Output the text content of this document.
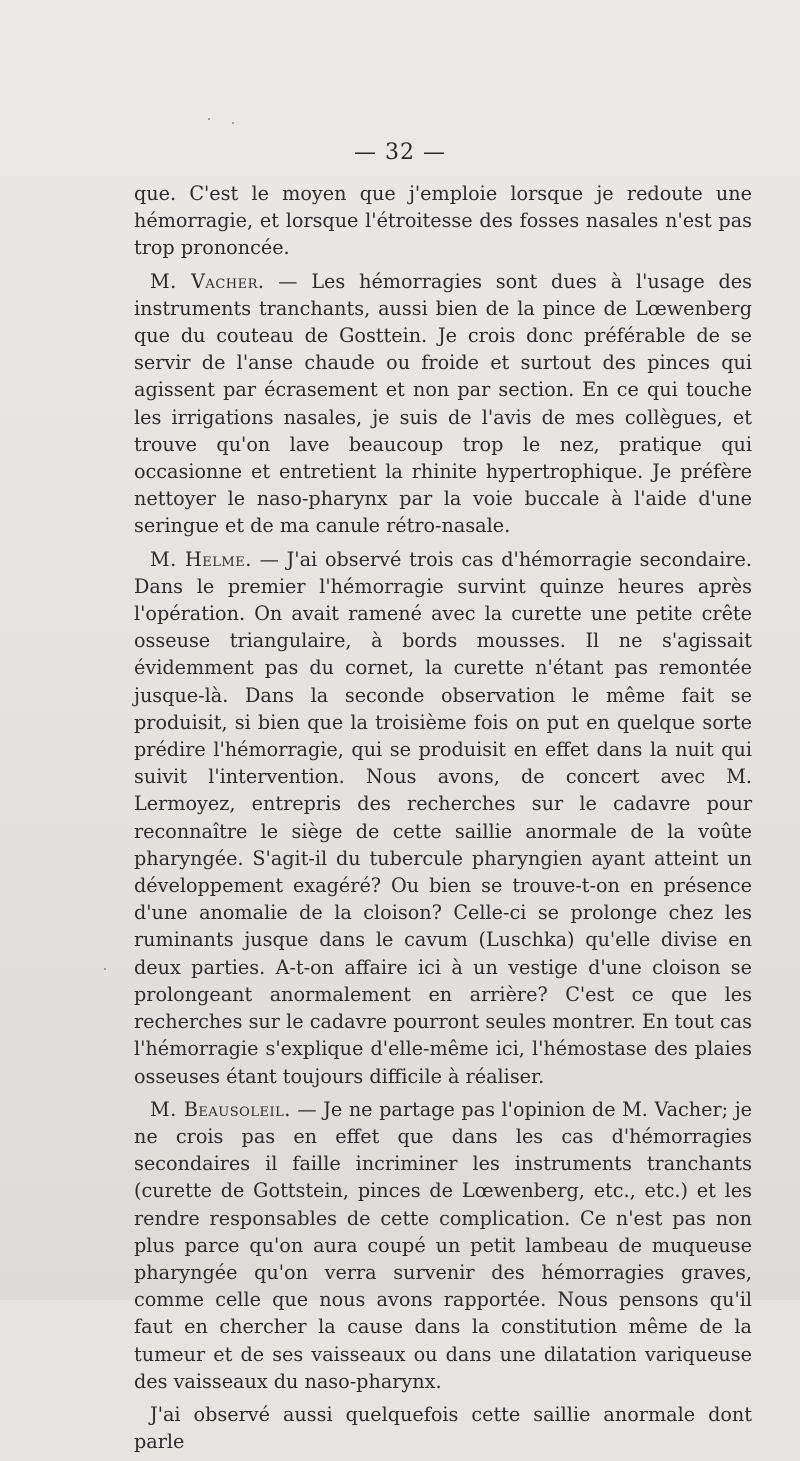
— 32 —

que. C'est le moyen que j'emploie lorsque je redoute une hémorragie, et lorsque l'étroitesse des fosses nasales n'est pas trop prononcée.

M. Vacher. — Les hémorragies sont dues à l'usage des instruments tranchants, aussi bien de la pince de Lœwenberg que du couteau de Gosttein. Je crois donc préférable de se servir de l'anse chaude ou froide et surtout des pinces qui agissent par écrasement et non par section. En ce qui touche les irrigations nasales, je suis de l'avis de mes collègues, et trouve qu'on lave beaucoup trop le nez, pratique qui occasionne et entretient la rhinite hypertrophique. Je préfère nettoyer le naso-pharynx par la voie buccale à l'aide d'une seringue et de ma canule rétro-nasale.

M. Helme. — J'ai observé trois cas d'hémorragie secondaire. Dans le premier l'hémorragie survint quinze heures après l'opération. On avait ramené avec la curette une petite crête osseuse triangulaire, à bords mousses. Il ne s'agissait évidemment pas du cornet, la curette n'étant pas remontée jusque-là. Dans la seconde observation le même fait se produisit, si bien que la troisième fois on put en quelque sorte prédire l'hémorragie, qui se produisit en effet dans la nuit qui suivit l'intervention. Nous avons, de concert avec M. Lermoyez, entrepris des recherches sur le cadavre pour reconnaître le siège de cette saillie anormale de la voûte pharyngée. S'agit-il du tubercule pharyngien ayant atteint un développement exagéré? Ou bien se trouve-t-on en présence d'une anomalie de la cloison? Celle-ci se prolonge chez les ruminants jusque dans le cavum (Luschka) qu'elle divise en deux parties. A-t-on affaire ici à un vestige d'une cloison se prolongeant anormalement en arrière? C'est ce que les recherches sur le cadavre pourront seules montrer. En tout cas l'hémorragie s'explique d'elle-même ici, l'hémostase des plaies osseuses étant toujours difficile à réaliser.

M. Beausoleil. — Je ne partage pas l'opinion de M. Vacher; je ne crois pas en effet que dans les cas d'hémorragies secondaires il faille incriminer les instruments tranchants (curette de Gottstein, pinces de Lœwenberg, etc., etc.) et les rendre responsables de cette complication. Ce n'est pas non plus parce qu'on aura coupé un petit lambeau de muqueuse pharyngée qu'on verra survenir des hémorragies graves, comme celle que nous avons rapportée. Nous pensons qu'il faut en chercher la cause dans la constitution même de la tumeur et de ses vaisseaux ou dans une dilatation variqueuse des vaisseaux du naso-pharynx.

J'ai observé aussi quelquefois cette saillie anormale dont parle
